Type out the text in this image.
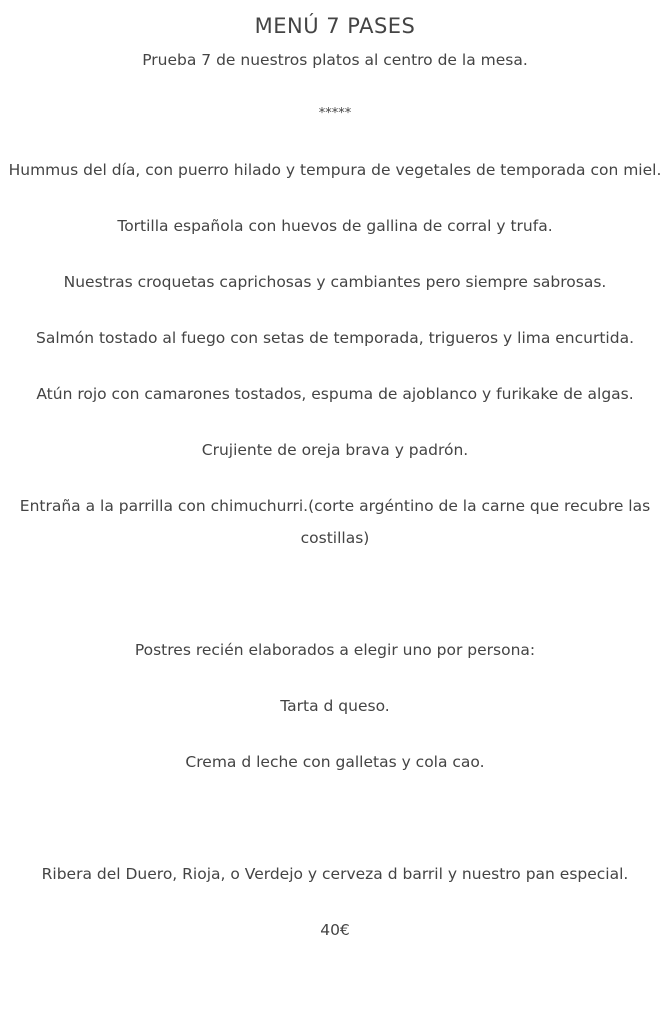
MENÚ 7 PASES

Prueba 7 de nuestros platos al centro de la mesa.

*****

Hummus del día, con puerro hilado y tempura de vegetales de temporada con miel.

Tortilla española con huevos de gallina de corral y trufa.

Nuestras croquetas caprichosas y cambiantes pero siempre sabrosas.

Salmón tostado al fuego con setas de temporada, trigueros y lima encurtida.

Atún rojo con camarones tostados, espuma de ajoblanco y furikake de algas.

Crujiente de oreja brava y padrón.

Entraña a la parrilla con chimuchurri.(corte argéntino de la carne que recubre las costillas)

Postres recién elaborados a elegir uno por persona:

Tarta d queso.

Crema d leche con galletas y cola cao.

Ribera del Duero, Rioja, o Verdejo y cerveza d barril y nuestro pan especial.

40€
